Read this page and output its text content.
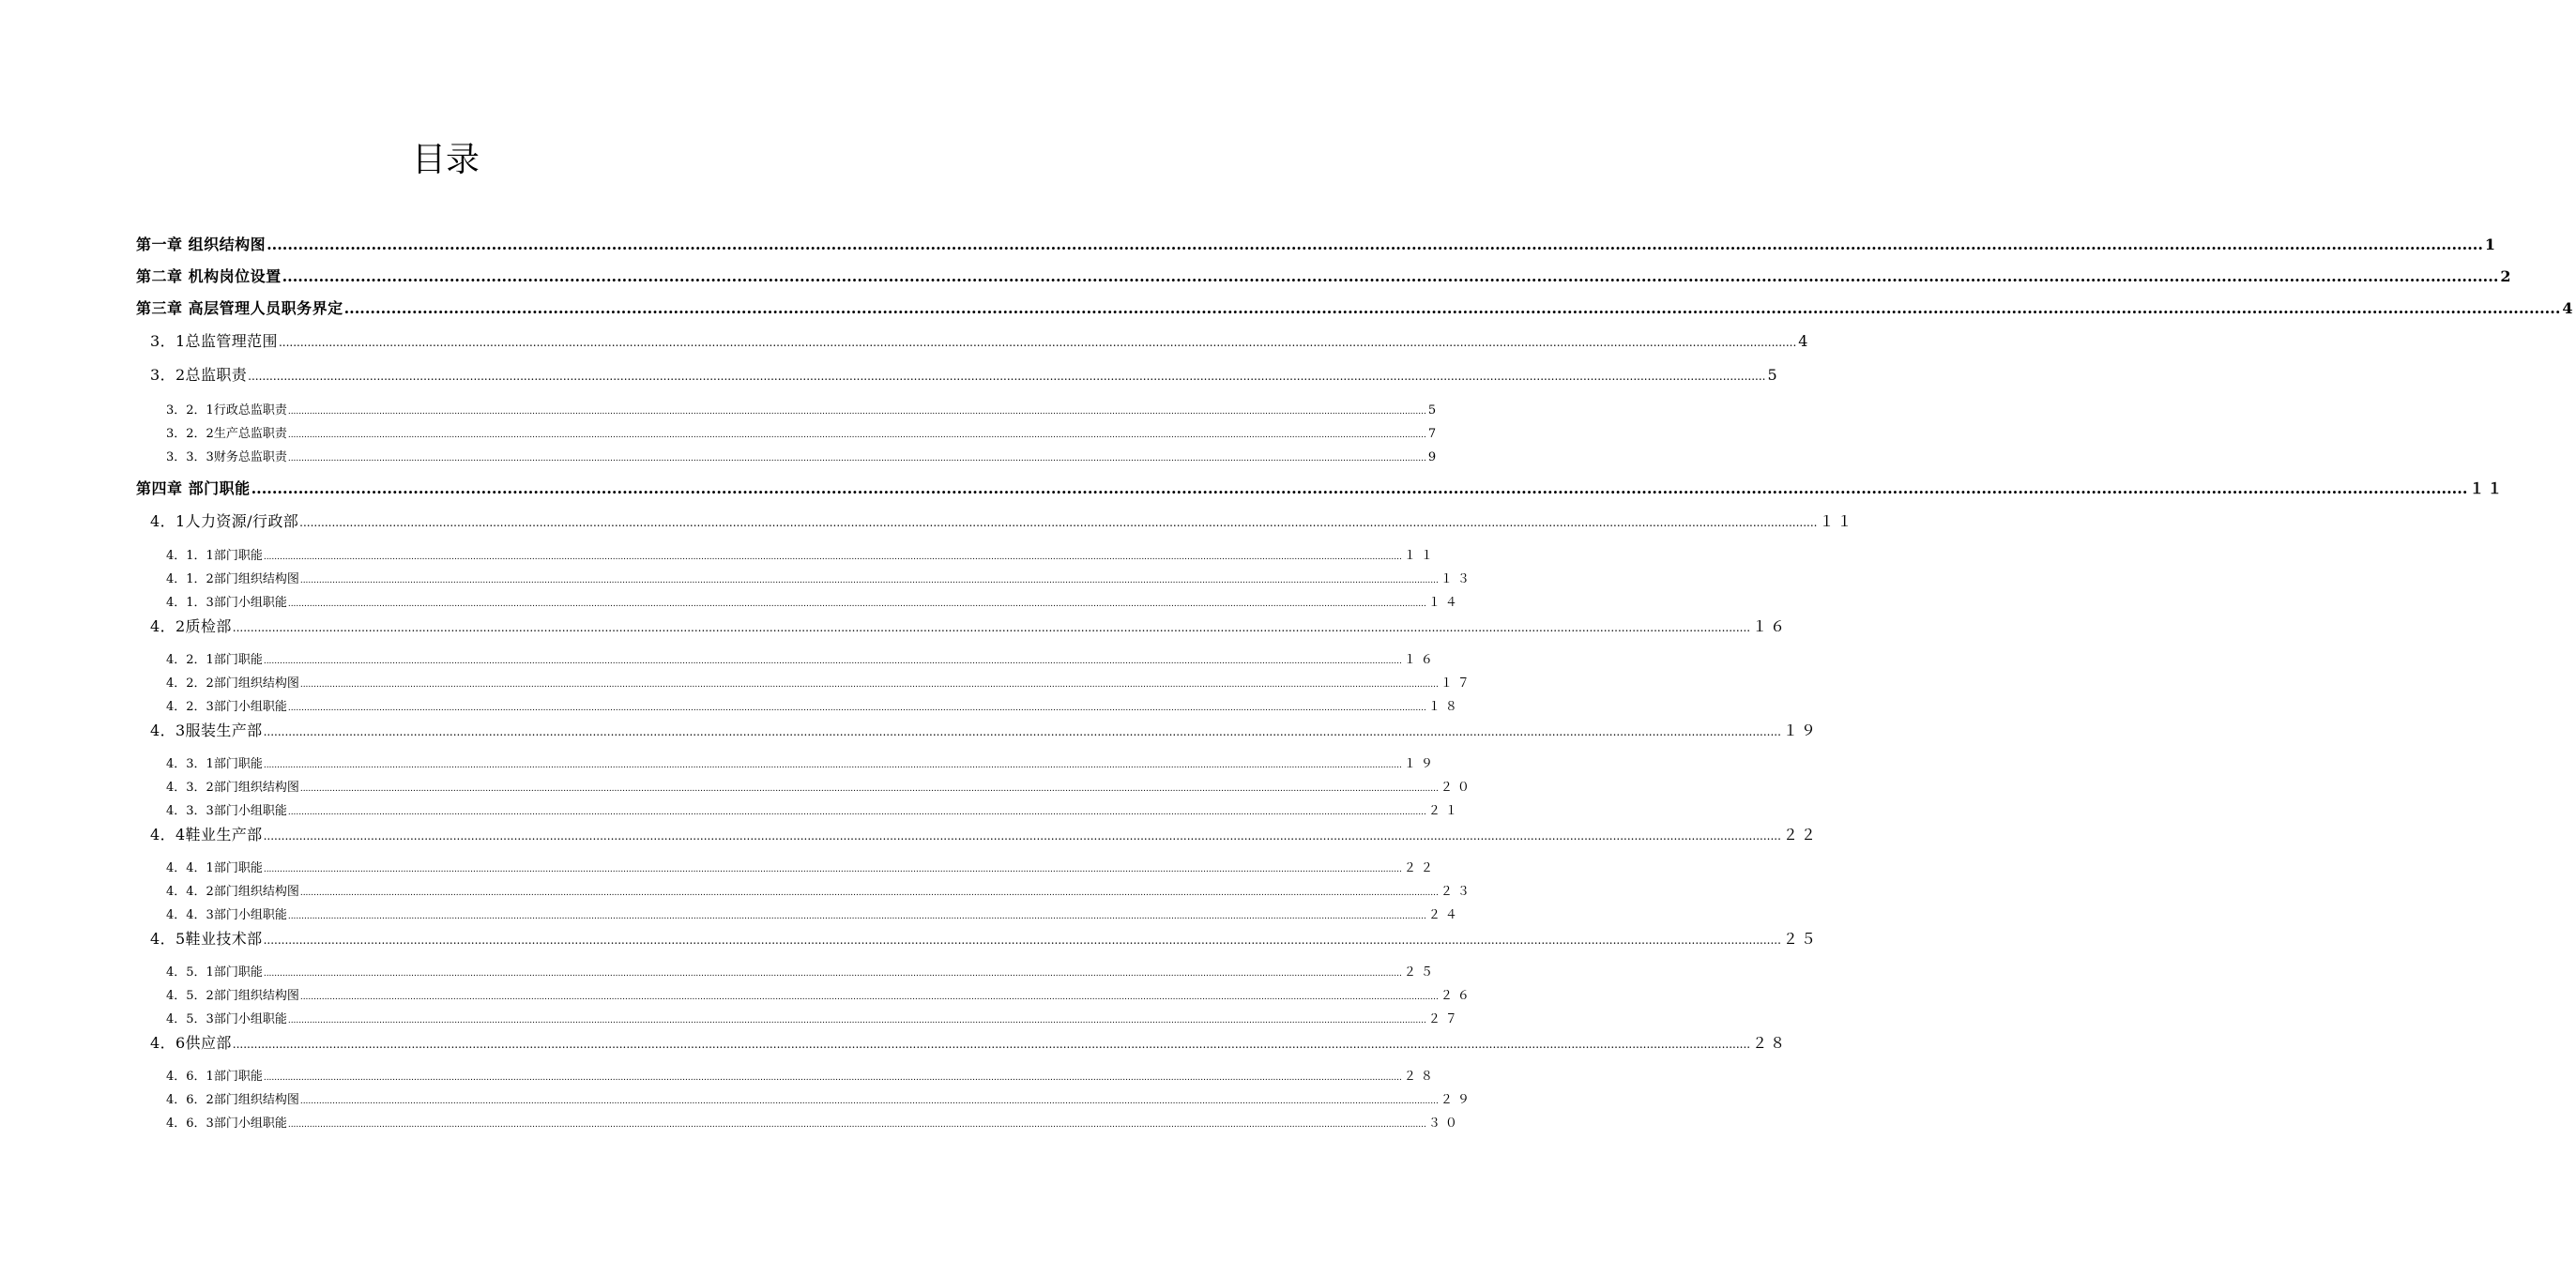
目录
第一章 组织结构图 .....	1
第二章 机构岗位设置 .....	2
第三章 高层管理人员职务界定 .....	4
3．1总监管理范围 .....	4
3．2总监职责 .....	5
3．2．1行政总监职责 .....	5
3．2．2生产总监职责 .....	7
3．3．3财务总监职责 .....	9
第四章 部门职能 .....	１１
4．1人力资源/行政部 .....	１１
4．1．1部门职能 .....	１１
4．1．2部门组织结构图 .....	１３
4．1．3部门小组职能 .....	１４
4．2质检部 .....	１６
4．2．1部门职能 .....	１６
4．2．2部门组织结构图 .....	１７
4．2．3部门小组职能 .....	１８
4．3服装生产部 .....	１９
4．3．1部门职能 .....	１９
4．3．2部门组织结构图 .....	２０
4．3．3部门小组职能 .....	２１
4．4鞋业生产部 .....	２２
4．4．1部门职能 .....	２２
4．4．2部门组织结构图 .....	２３
4．4．3部门小组职能 .....	２４
4．5鞋业技术部 .....	２５
4．5．1部门职能 .....	２５
4．5．2部门组织结构图 .....	２６
4．5．3部门小组职能 .....	２７
4．6供应部 .....	２８
4．6．1部门职能 .....	２８
4．6．2部门组织结构图 .....	２９
4．6．3部门小组职能 .....	３０
